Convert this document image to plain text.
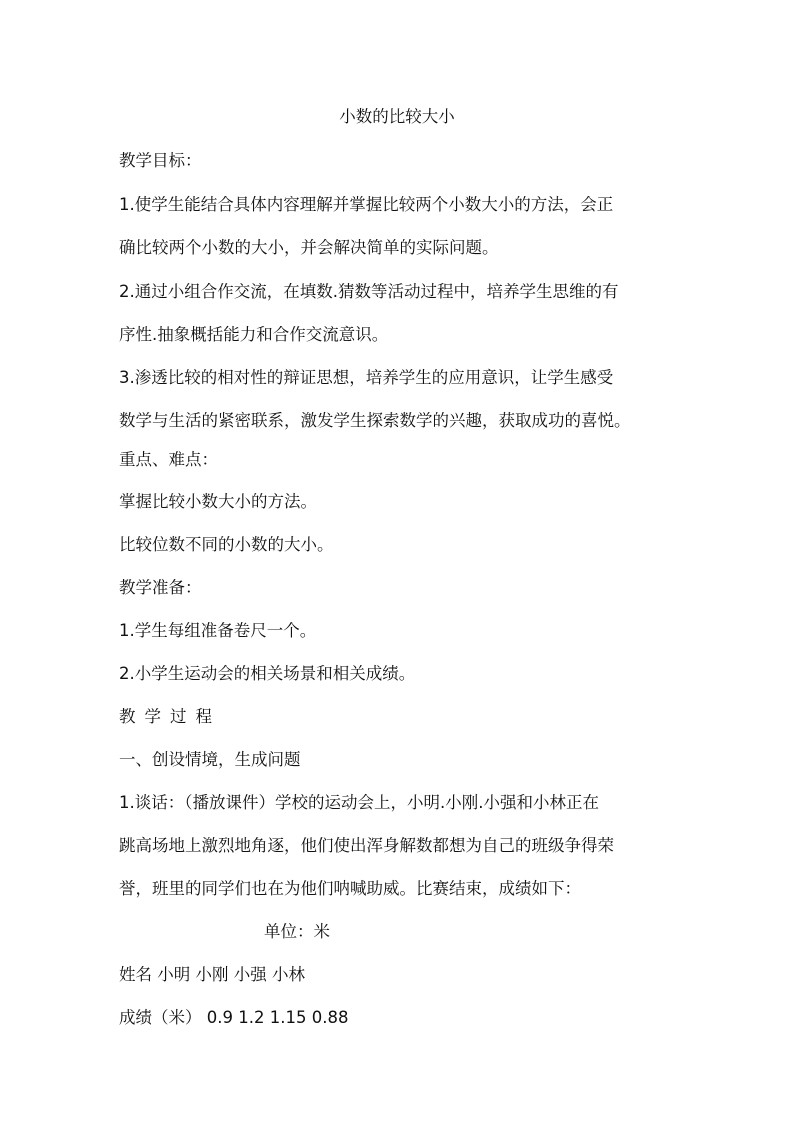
小数的比较大小
教学目标：
1.使学生能结合具体内容理解并掌握比较两个小数大小的方法，会正
确比较两个小数的大小，并会解决简单的实际问题。
2.通过小组合作交流，在填数.猜数等活动过程中，培养学生思维的有
序性.抽象概括能力和合作交流意识。
3.渗透比较的相对性的辩证思想，培养学生的应用意识，让学生感受
数学与生活的紧密联系，激发学生探索数学的兴趣，获取成功的喜悦。
重点、难点：
掌握比较小数大小的方法。
比较位数不同的小数的大小。
教学准备：
1.学生每组准备卷尺一个。
2.小学生运动会的相关场景和相关成绩。
教学过程
一、创设情境，生成问题
1.谈话：（播放课件）学校的运动会上，小明.小刚.小强和小林正在
跳高场地上激烈地角逐，他们使出浑身解数都想为自己的班级争得荣
誉，班里的同学们也在为他们呐喊助威。比赛结束，成绩如下：
单位：米
姓名 小明 小刚 小强 小林
成绩（米） 0.9 1.2 1.15 0.88
